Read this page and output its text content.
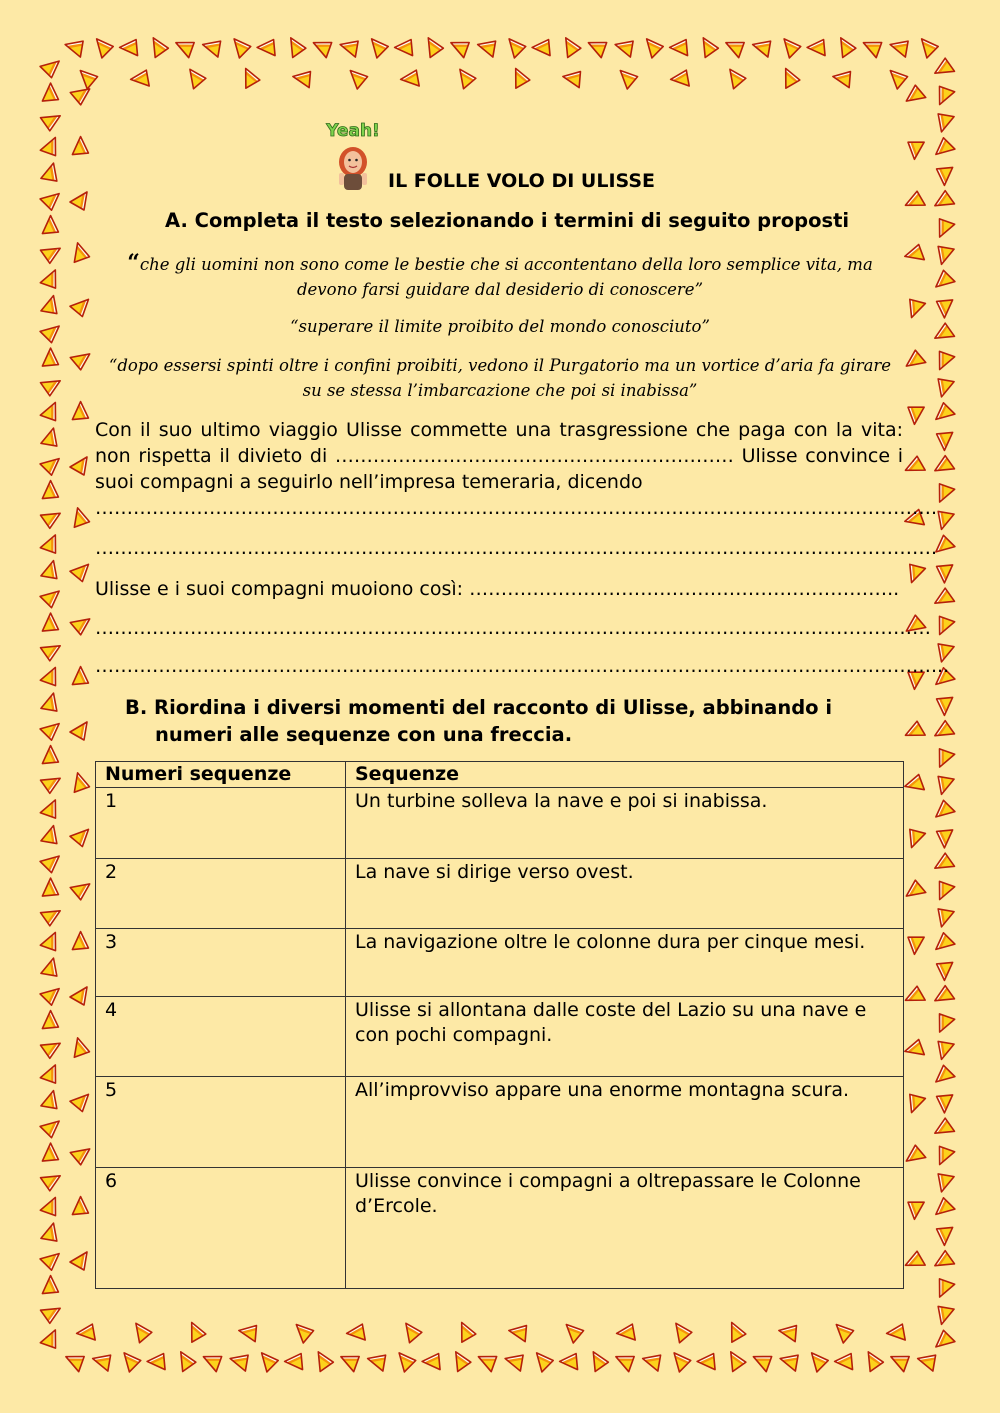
Yeah!
IL FOLLE VOLO DI ULISSE
A. Completa il testo selezionando i termini di seguito proposti
“che gli uomini non sono come le bestie che si accontentano della loro semplice vita, ma devono farsi guidare dal desiderio di conoscere”
“superare il limite proibito del mondo conosciuto”
“dopo essersi spinti oltre i confini proibiti, vedono il Purgatorio ma un vortice d’aria fa girare su se stessa l’imbarcazione che poi si inabissa”
Con il suo ultimo viaggio Ulisse commette una trasgressione che paga con la vita: non rispetta il divieto di ……………………………………………………… Ulisse convince i suoi compagni a seguirlo nell’impresa temeraria, dicendo
…………………………………………………………………………………………………………………….
…………………………………………………………………………………………………………………….
Ulisse e i suoi compagni muoiono così: …………………………………………………………..
……………………………………………………………………………………………………………………
……………………………………………………………………………………………………………………...
B. Riordina i diversi momenti del racconto di Ulisse, abbinando i
numeri alle sequenze con una freccia.
Numeri sequenze	Sequenze
1	Un turbine solleva la nave e poi si inabissa.
2	La nave si dirige verso ovest.
3	La navigazione oltre le colonne dura per cinque mesi.
4	Ulisse si allontana dalle coste del Lazio su una nave e con pochi compagni.
5	All’improvviso appare una enorme montagna scura.
6	Ulisse convince i compagni a oltrepassare le Colonne d’Ercole.
